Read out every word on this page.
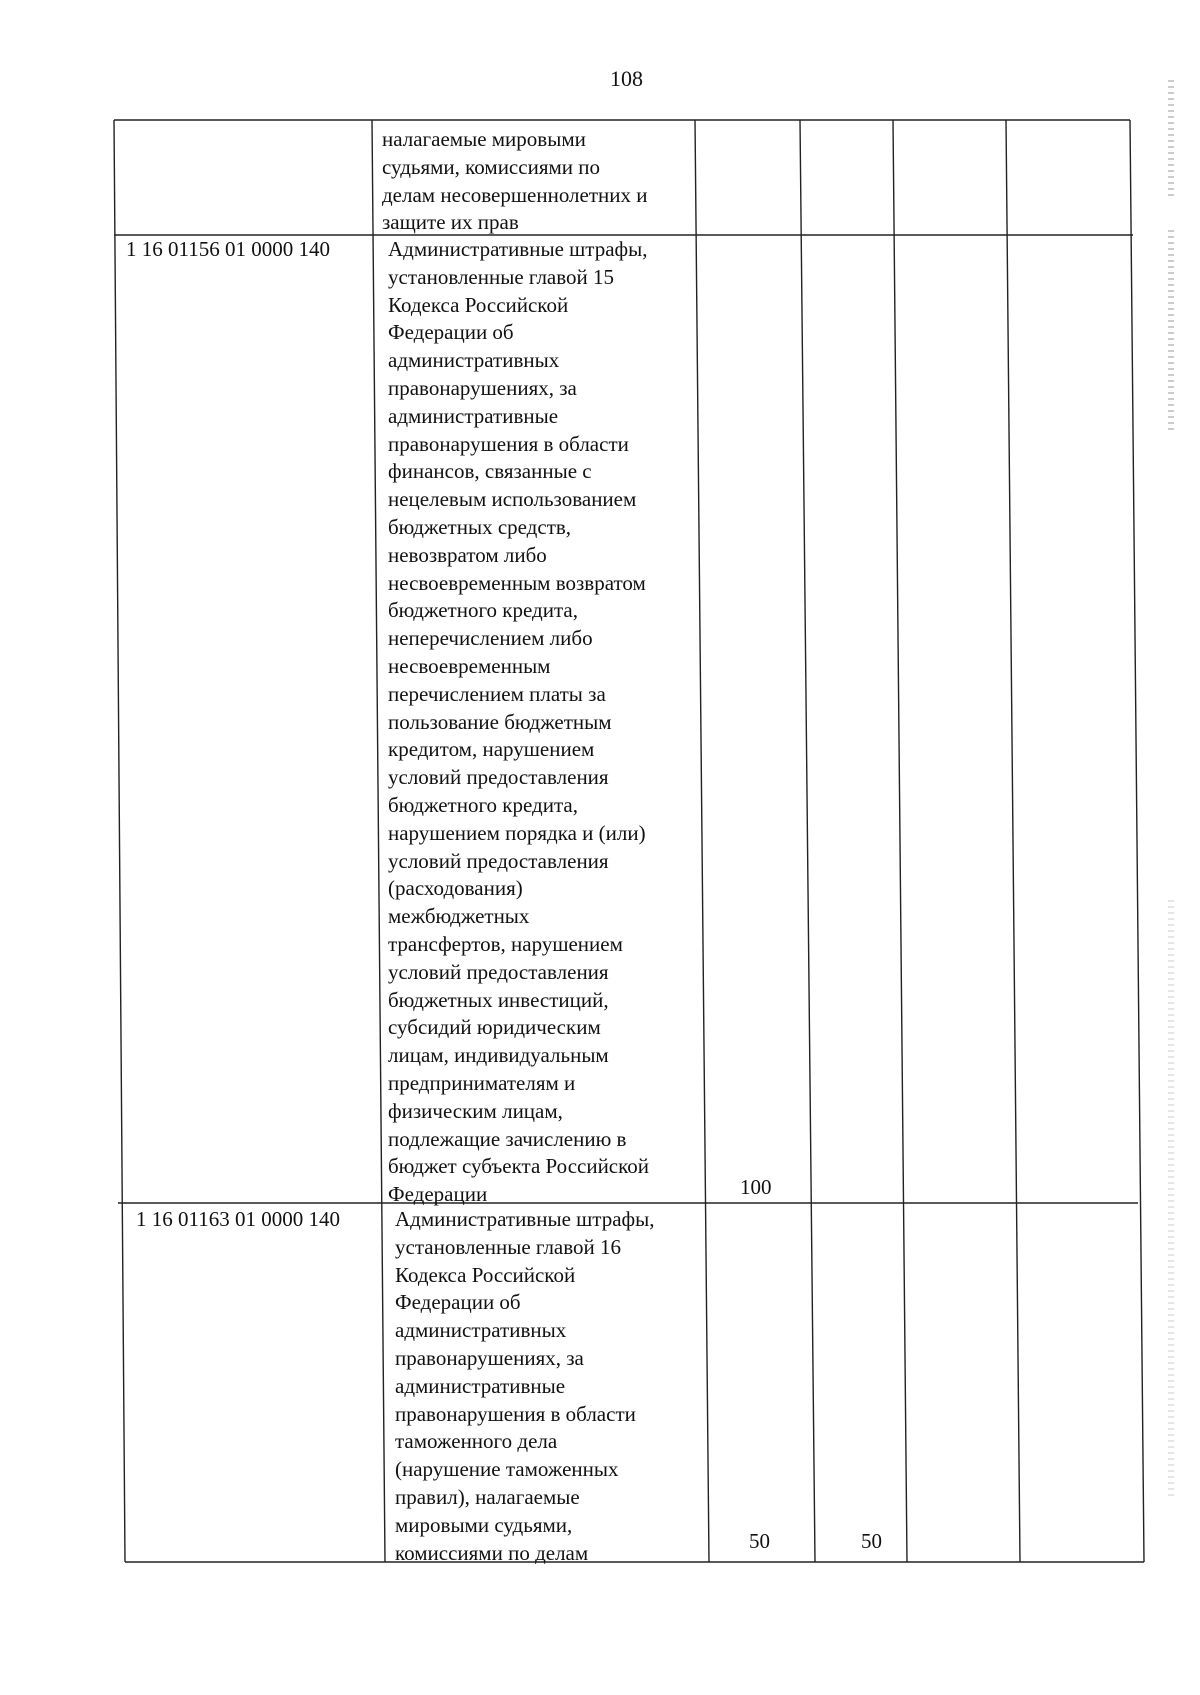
108
налагаемые мировыми
судьями, комиссиями по
делам несовершеннолетних и
защите их прав
1 16 01156 01 0000 140	Административные штрафы,
установленные главой 15
Кодекса Российской
Федерации об
административных
правонарушениях, за
административные
правонарушения в области
финансов, связанные с
нецелевым использованием
бюджетных средств,
невозвратом либо
несвоевременным возвратом
бюджетного кредита,
неперечислением либо
несвоевременным
перечислением платы за
пользование бюджетным
кредитом, нарушением
условий предоставления
бюджетного кредита,
нарушением порядка и (или)
условий предоставления
(расходования)
межбюджетных
трансфертов, нарушением
условий предоставления
бюджетных инвестиций,
субсидий юридическим
лицам, индивидуальным
предпринимателям и
физическим лицам,
подлежащие зачислению в
бюджет субъекта Российской
Федерации	100
1 16 01163 01 0000 140	Административные штрафы,
установленные главой 16
Кодекса Российской
Федерации об
административных
правонарушениях, за
административные
правонарушения в области
таможенного дела
(нарушение таможенных
правил), налагаемые
мировыми судьями,
комиссиями по делам	50	50
